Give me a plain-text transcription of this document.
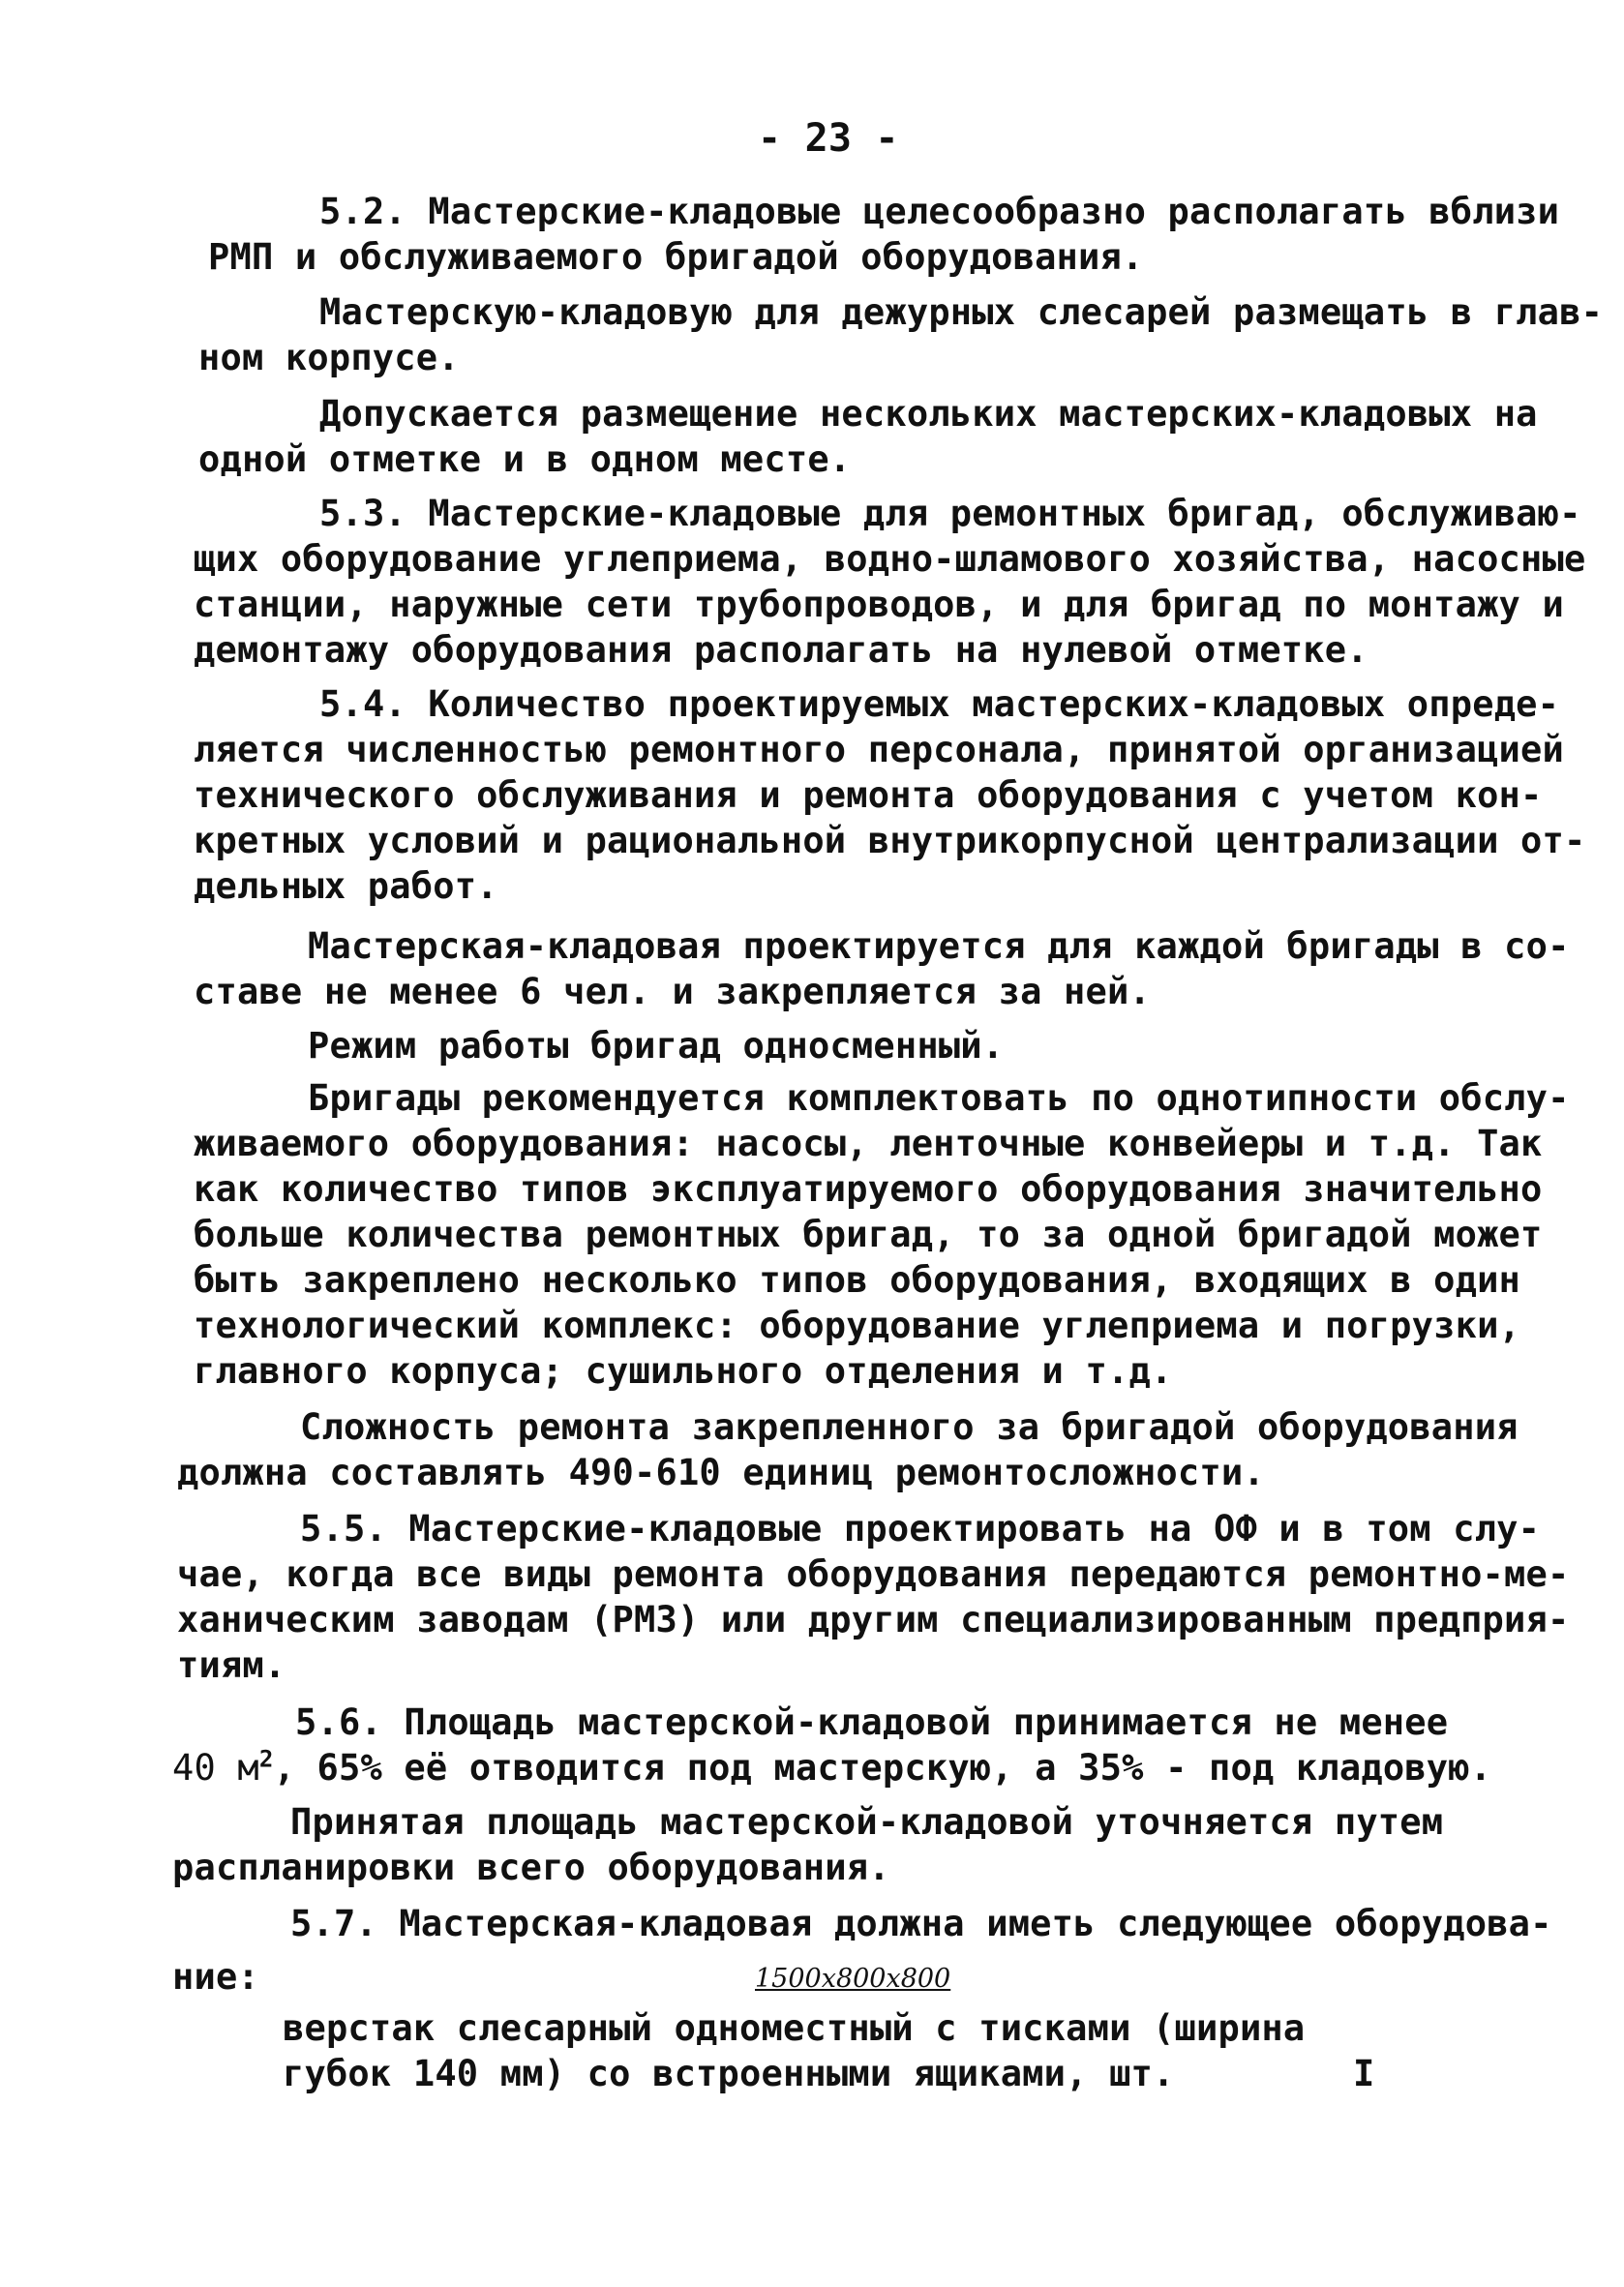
- 23 -
5.2. Мастерские-кладовые целесообразно располагать вблизи
РМП и обслуживаемого бригадой оборудования.
Мастерскую-кладовую для дежурных слесарей размещать в глав-
ном корпусе.
Допускается размещение нескольких мастерских-кладовых на
одной отметке и в одном месте.
5.3. Мастерские-кладовые для ремонтных бригад, обслуживаю-
щих оборудование углеприема, водно-шламового хозяйства, насосные
станции, наружные сети трубопроводов, и для бригад по монтажу и
демонтажу оборудования располагать на нулевой отметке.
5.4. Количество проектируемых мастерских-кладовых опреде-
ляется численностью ремонтного персонала, принятой организацией
технического обслуживания и ремонта оборудования с учетом кон-
кретных условий и рациональной внутрикорпусной централизации от-
дельных работ.
Мастерская-кладовая проектируется для каждой бригады в со-
ставе не менее 6 чел. и закрепляется за ней.
Режим работы бригад односменный.
Бригады рекомендуется комплектовать по однотипности обслу-
живаемого оборудования: насосы, ленточные конвейеры и т.д. Так
как количество типов эксплуатируемого оборудования значительно
больше количества ремонтных бригад, то за одной бригадой может
быть закреплено несколько типов оборудования, входящих в один
технологический комплекс: оборудование углеприема и погрузки,
главного корпуса; сушильного отделения и т.д.
Сложность ремонта закрепленного за бригадой оборудования
должна составлять 490-610 единиц ремонтосложности.
5.5. Мастерские-кладовые проектировать на ОФ и в том слу-
чае, когда все виды ремонта оборудования передаются ремонтно-ме-
ханическим заводам (РМЗ) или другим специализированным предприя-
тиям.
5.6. Площадь мастерской-кладовой принимается не менее
40 $м^2$, 65% её отводится под мастерскую, а 35% - под кладовую.
Принятая площадь мастерской-кладовой уточняется путем
распланировки всего оборудования.
5.7. Мастерская-кладовая должна иметь следующее оборудова-
ние:	1500х800х800
верстак слесарный одноместный с тисками (ширина
губок 140 мм) со встроенными ящиками, шт.	I
